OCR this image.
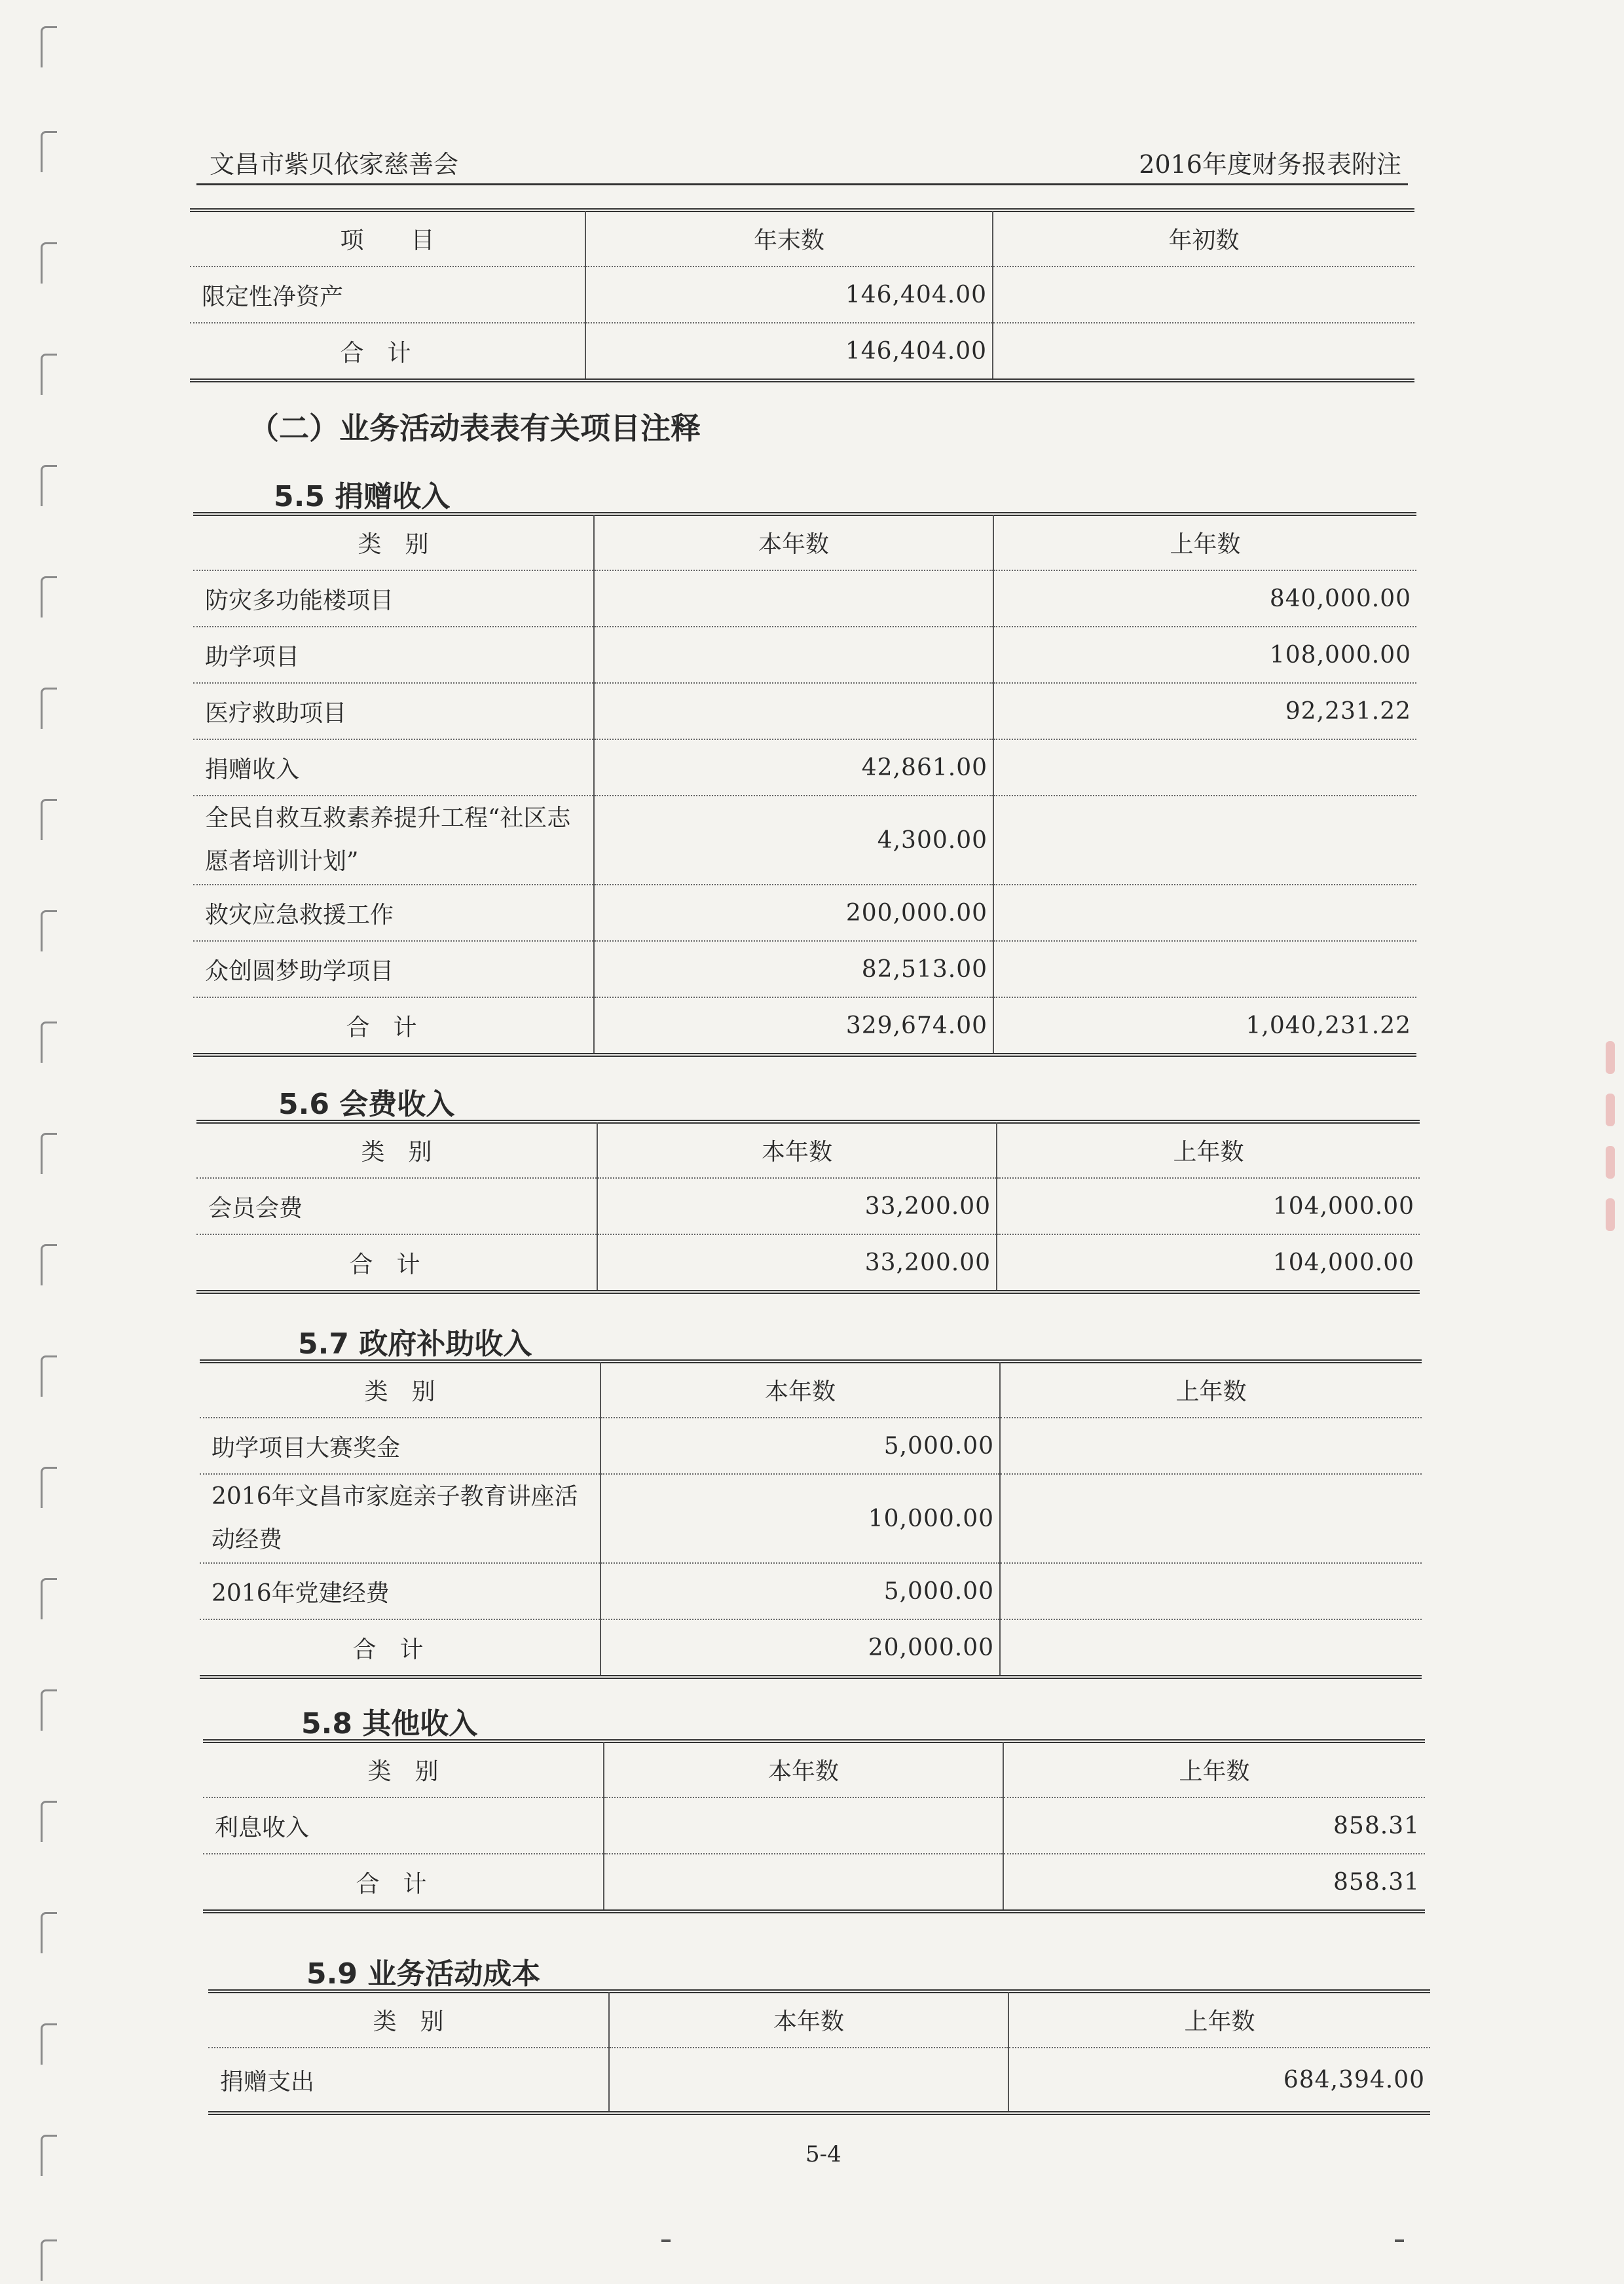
文昌市紫贝依家慈善会	2016年度财务报表附注
项　　目	年末数	年初数
限定性净资产	146,404.00	
合计	146,404.00	
（二）业务活动表表有关项目注释
5.5 捐赠收入
类　别	本年数	上年数
防灾多功能楼项目		840,000.00
助学项目		108,000.00
医疗救助项目		92,231.22
捐赠收入	42,861.00	
全民自救互救素养提升工程“社区志愿者培训计划”	4,300.00	
救灾应急救援工作	200,000.00	
众创圆梦助学项目	82,513.00	
合计	329,674.00	1,040,231.22
5.6 会费收入
类　别	本年数	上年数
会员会费	33,200.00	104,000.00
合计	33,200.00	104,000.00
5.7 政府补助收入
类　别	本年数	上年数
助学项目大赛奖金	5,000.00	
2016年文昌市家庭亲子教育讲座活动经费	10,000.00	
2016年党建经费	5,000.00	
合计	20,000.00	
5.8 其他收入
类　别	本年数	上年数
利息收入		858.31
合计		858.31
5.9 业务活动成本
类　别	本年数	上年数
捐赠支出		684,394.00
5-4
